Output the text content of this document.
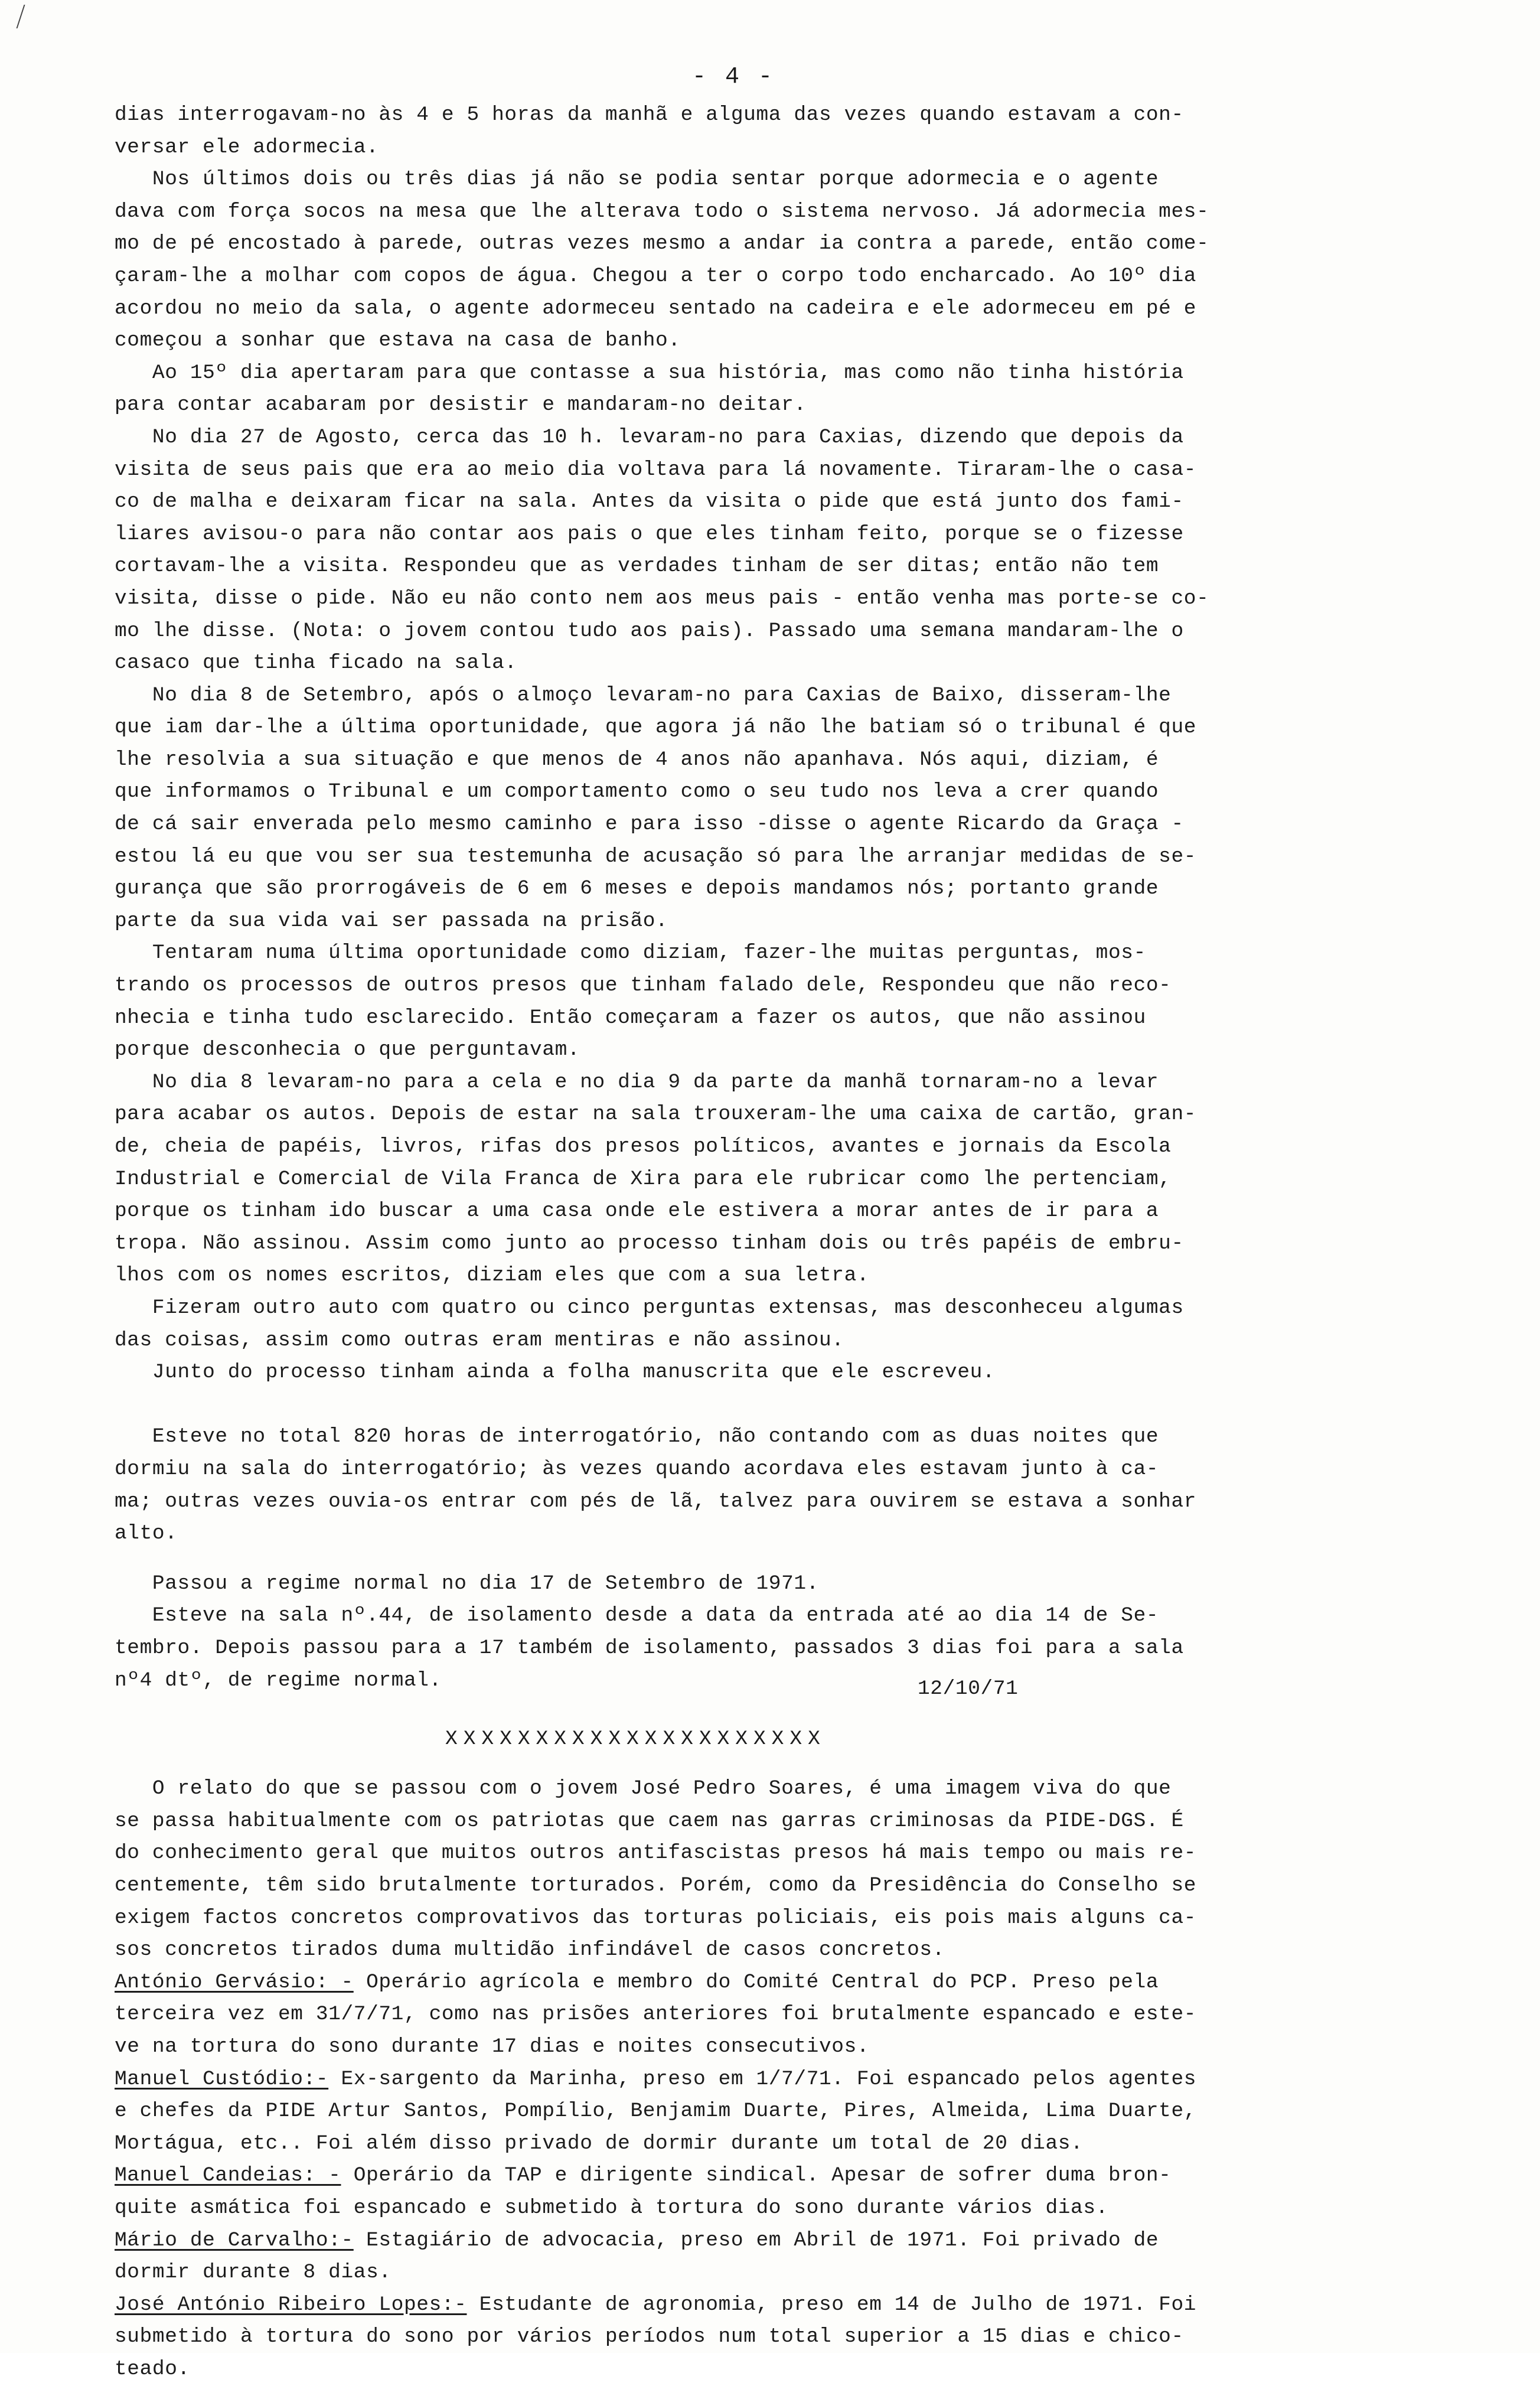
- 4 -
dias interrogavam-no às 4 e 5 horas da manhã e alguma das vezes quando estavam a con-
versar ele adormecia.
Nos últimos dois ou três dias já não se podia sentar porque adormecia e o agente
dava com força socos na mesa que lhe alterava todo o sistema nervoso. Já adormecia mes-
mo de pé encostado à parede, outras vezes mesmo a andar ia contra a parede, então come-
çaram-lhe a molhar com copos de água. Chegou a ter o corpo todo encharcado. Ao 10º dia
acordou no meio da sala, o agente adormeceu sentado na cadeira e ele adormeceu em pé e
começou a sonhar que estava na casa de banho.
Ao 15º dia apertaram para que contasse a sua história, mas como não tinha história
para contar acabaram por desistir e mandaram-no deitar.
No dia 27 de Agosto, cerca das 10 h. levaram-no para Caxias, dizendo que depois da
visita de seus pais que era ao meio dia voltava para lá novamente. Tiraram-lhe o casa-
co de malha e deixaram ficar na sala. Antes da visita o pide que está junto dos fami-
liares avisou-o para não contar aos pais o que eles tinham feito, porque se o fizesse
cortavam-lhe a visita. Respondeu que as verdades tinham de ser ditas; então não tem
visita, disse o pide. Não eu não conto nem aos meus pais - então venha mas porte-se co-
mo lhe disse. (Nota: o jovem contou tudo aos pais). Passado uma semana mandaram-lhe o
casaco que tinha ficado na sala.
No dia 8 de Setembro, após o almoço levaram-no para Caxias de Baixo, disseram-lhe
que iam dar-lhe a última oportunidade, que agora já não lhe batiam só o tribunal é que
lhe resolvia a sua situação e que menos de 4 anos não apanhava. Nós aqui, diziam, é
que informamos o Tribunal e um comportamento como o seu tudo nos leva a crer quando
de cá sair enverada pelo mesmo caminho e para isso -disse o agente Ricardo da Graça -
estou lá eu que vou ser sua testemunha de acusação só para lhe arranjar medidas de se-
gurança que são prorrogáveis de 6 em 6 meses e depois mandamos nós; portanto grande
parte da sua vida vai ser passada na prisão.
Tentaram numa última oportunidade como diziam, fazer-lhe muitas perguntas, mos-
trando os processos de outros presos que tinham falado dele, Respondeu que não reco-
nhecia e tinha tudo esclarecido. Então começaram a fazer os autos, que não assinou
porque desconhecia o que perguntavam.
No dia 8 levaram-no para a cela e no dia 9 da parte da manhã tornaram-no a levar
para acabar os autos. Depois de estar na sala trouxeram-lhe uma caixa de cartão, gran-
de, cheia de papéis, livros, rifas dos presos políticos, avantes e jornais da Escola
Industrial e Comercial de Vila Franca de Xira para ele rubricar como lhe pertenciam,
porque os tinham ido buscar a uma casa onde ele estivera a morar antes de ir para a
tropa. Não assinou. Assim como junto ao processo tinham dois ou três papéis de embru-
lhos com os nomes escritos, diziam eles que com a sua letra.
Fizeram outro auto com quatro ou cinco perguntas extensas, mas desconheceu algumas
das coisas, assim como outras eram mentiras e não assinou.
Junto do processo tinham ainda a folha manuscrita que ele escreveu.
Esteve no total 820 horas de interrogatório, não contando com as duas noites que
dormiu na sala do interrogatório; às vezes quando acordava eles estavam junto à ca-
ma; outras vezes ouvia-os entrar com pés de lã, talvez para ouvirem se estava a sonhar
alto.
Passou a regime normal no dia 17 de Setembro de 1971.
Esteve na sala nº.44, de isolamento desde a data da entrada até ao dia 14 de Se-
tembro. Depois passou para a 17 também de isolamento, passados 3 dias foi para a sala
nº4 dtº, de regime normal.	12/10/71
XXXXXXXXXXXXXXXXXXXXX
O relato do que se passou com o jovem José Pedro Soares, é uma imagem viva do que
se passa habitualmente com os patriotas que caem nas garras criminosas da PIDE-DGS. É
do conhecimento geral que muitos outros antifascistas presos há mais tempo ou mais re-
centemente, têm sido brutalmente torturados. Porém, como da Presidência do Conselho se
exigem factos concretos comprovativos das torturas policiais, eis pois mais alguns ca-
sos concretos tirados duma multidão infindável de casos concretos.
António Gervásio: - Operário agrícola e membro do Comité Central do PCP. Preso pela
terceira vez em 31/7/71, como nas prisões anteriores foi brutalmente espancado e este-
ve na tortura do sono durante 17 dias e noites consecutivos.
Manuel Custódio:- Ex-sargento da Marinha, preso em 1/7/71. Foi espancado pelos agentes
e chefes da PIDE Artur Santos, Pompílio, Benjamim Duarte, Pires, Almeida, Lima Duarte,
Mortágua, etc.. Foi além disso privado de dormir durante um total de 20 dias.
Manuel Candeias: - Operário da TAP e dirigente sindical. Apesar de sofrer duma bron-
quite asmática foi espancado e submetido à tortura do sono durante vários dias.
Mário de Carvalho:- Estagiário de advocacia, preso em Abril de 1971. Foi privado de
dormir durante 8 dias.
José António Ribeiro Lopes:- Estudante de agronomia, preso em 14 de Julho de 1971. Foi
submetido à tortura do sono por vários períodos num total superior a 15 dias e chico-
teado.
